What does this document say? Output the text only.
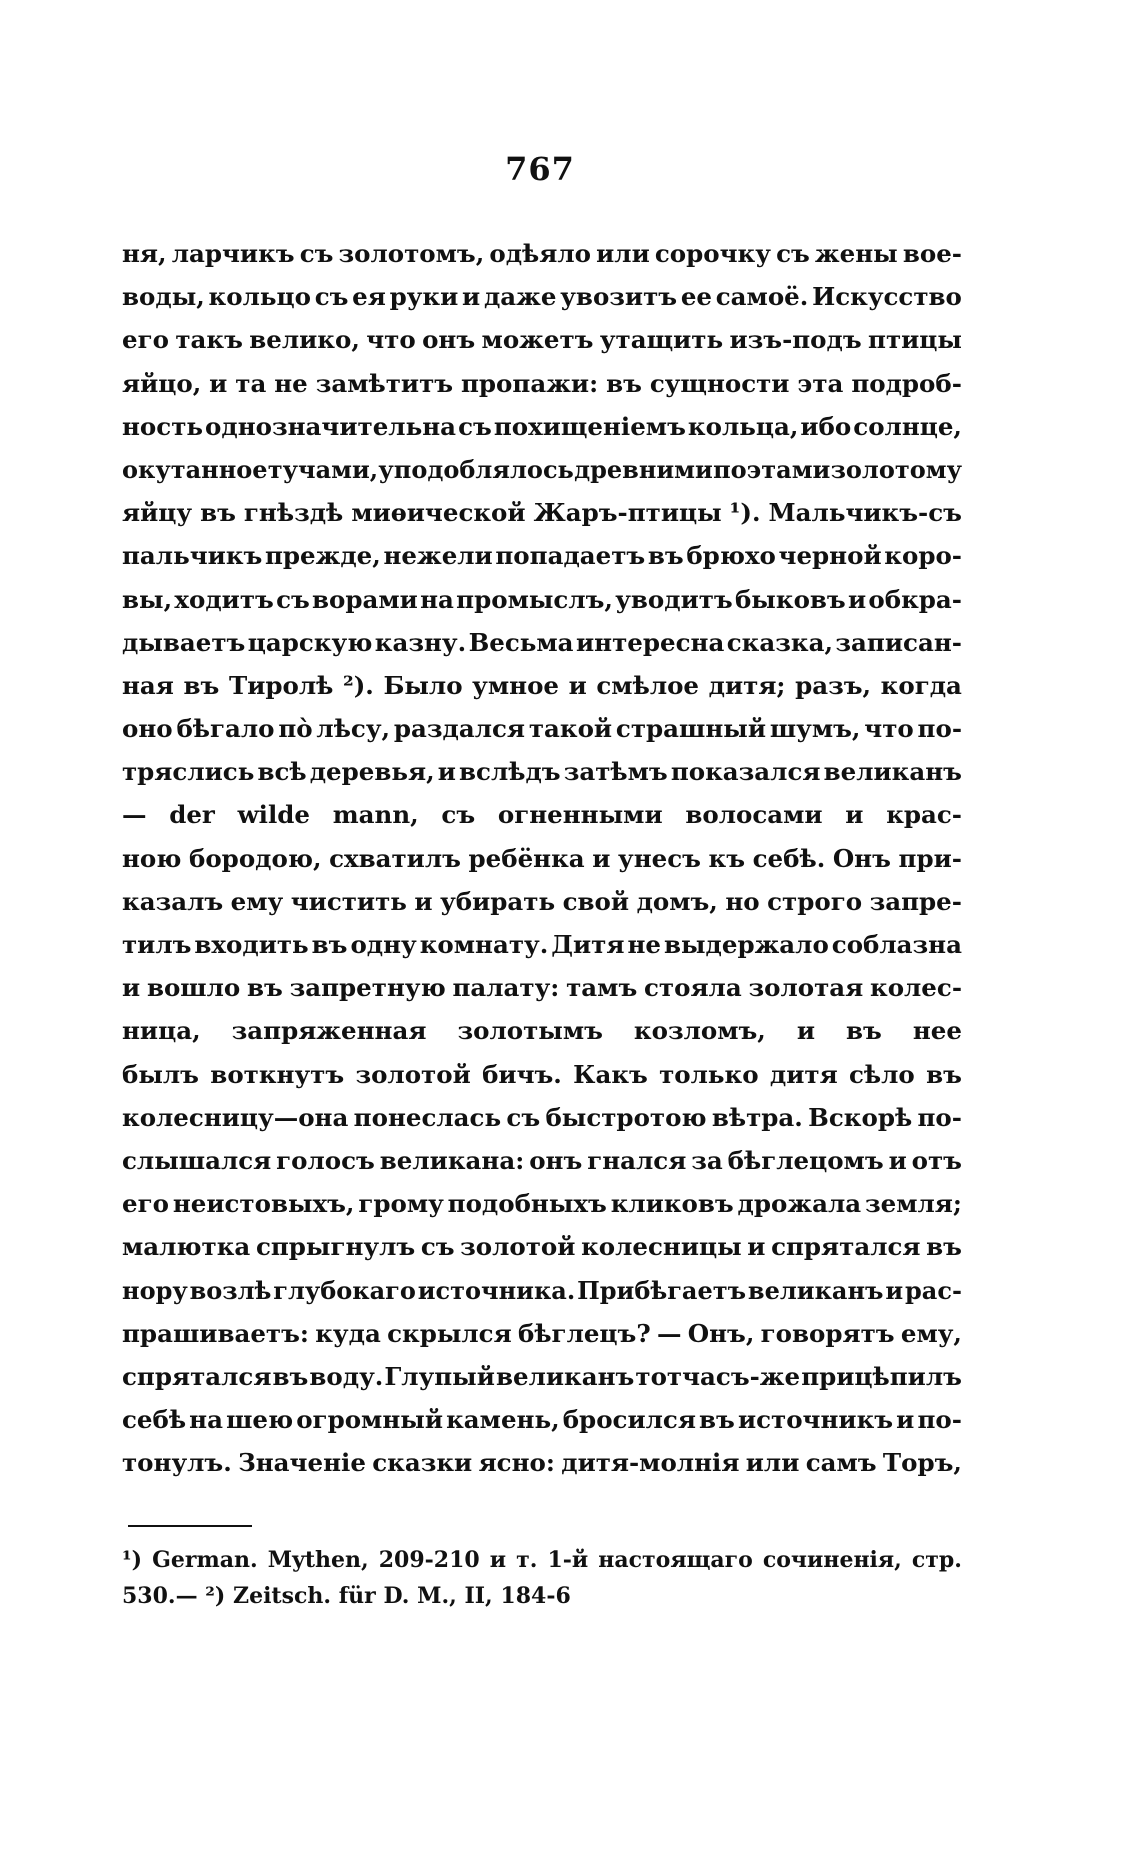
767
ня, ларчикъ съ золотомъ, одѣяло или сорочку съ жены вое-
воды, кольцо съ ея руки и даже увозитъ ее самоё. Искусство
его такъ велико, что онъ можетъ утащить изъ-подъ птицы
яйцо, и та не замѣтитъ пропажи: въ сущности эта подроб-
ность однозначительна съ похищеніемъ кольца, ибо солнце,
окутанное тучами, уподоблялось древними поэтами золотому
яйцу въ гнѣздѣ миѳической Жаръ-птицы ¹). Мальчикъ-съ
пальчикъ прежде, нежели попадаетъ въ брюхо черной коро-
вы, ходитъ съ ворами на промыслъ, уводитъ быковъ и обкра-
дываетъ царскую казну. Весьма интересна сказка, записан-
ная въ Тиролѣ ²). Было умное и смѣлое дитя; разъ, когда
оно бѣгало по̀ лѣсу, раздался такой страшный шумъ, что по-
тряслись всѣ деревья, и вслѣдъ затѣмъ показался великанъ
— der wilde mann, съ огненными волосами и крас-
ною бородою, схватилъ ребёнка и унесъ къ себѣ. Онъ при-
казалъ ему чистить и убирать свой домъ, но строго запре-
тилъ входить въ одну комнату. Дитя не выдержало соблазна
и вошло въ запретную палату: тамъ стояла золотая колес-
ница, запряженная золотымъ козломъ, и въ нее
былъ воткнутъ золотой бичъ. Какъ только дитя сѣло въ
колесницу—она понеслась съ быстротою вѣтра. Вскорѣ по-
слышался голосъ великана: онъ гнался за бѣглецомъ и отъ
его неистовыхъ, грому подобныхъ кликовъ дрожала земля;
малютка спрыгнулъ съ золотой колесницы и спрятался въ
нору возлѣ глубокаго источника. Прибѣгаетъ великанъ и рас-
прашиваетъ: куда скрылся бѣглецъ? — Онъ, говорятъ ему,
спрятался въ воду. Глупый великанъ тотчасъ-же прицѣпилъ
себѣ на шею огромный камень, бросился въ источникъ и по-
тонулъ. Значеніе сказки ясно: дитя-молнія или самъ Торъ,
¹) German. Mythen, 209-210 и т. 1-й настоящаго сочиненія, стр.
530.— ²) Zeitsch. für D. M., II, 184-6
